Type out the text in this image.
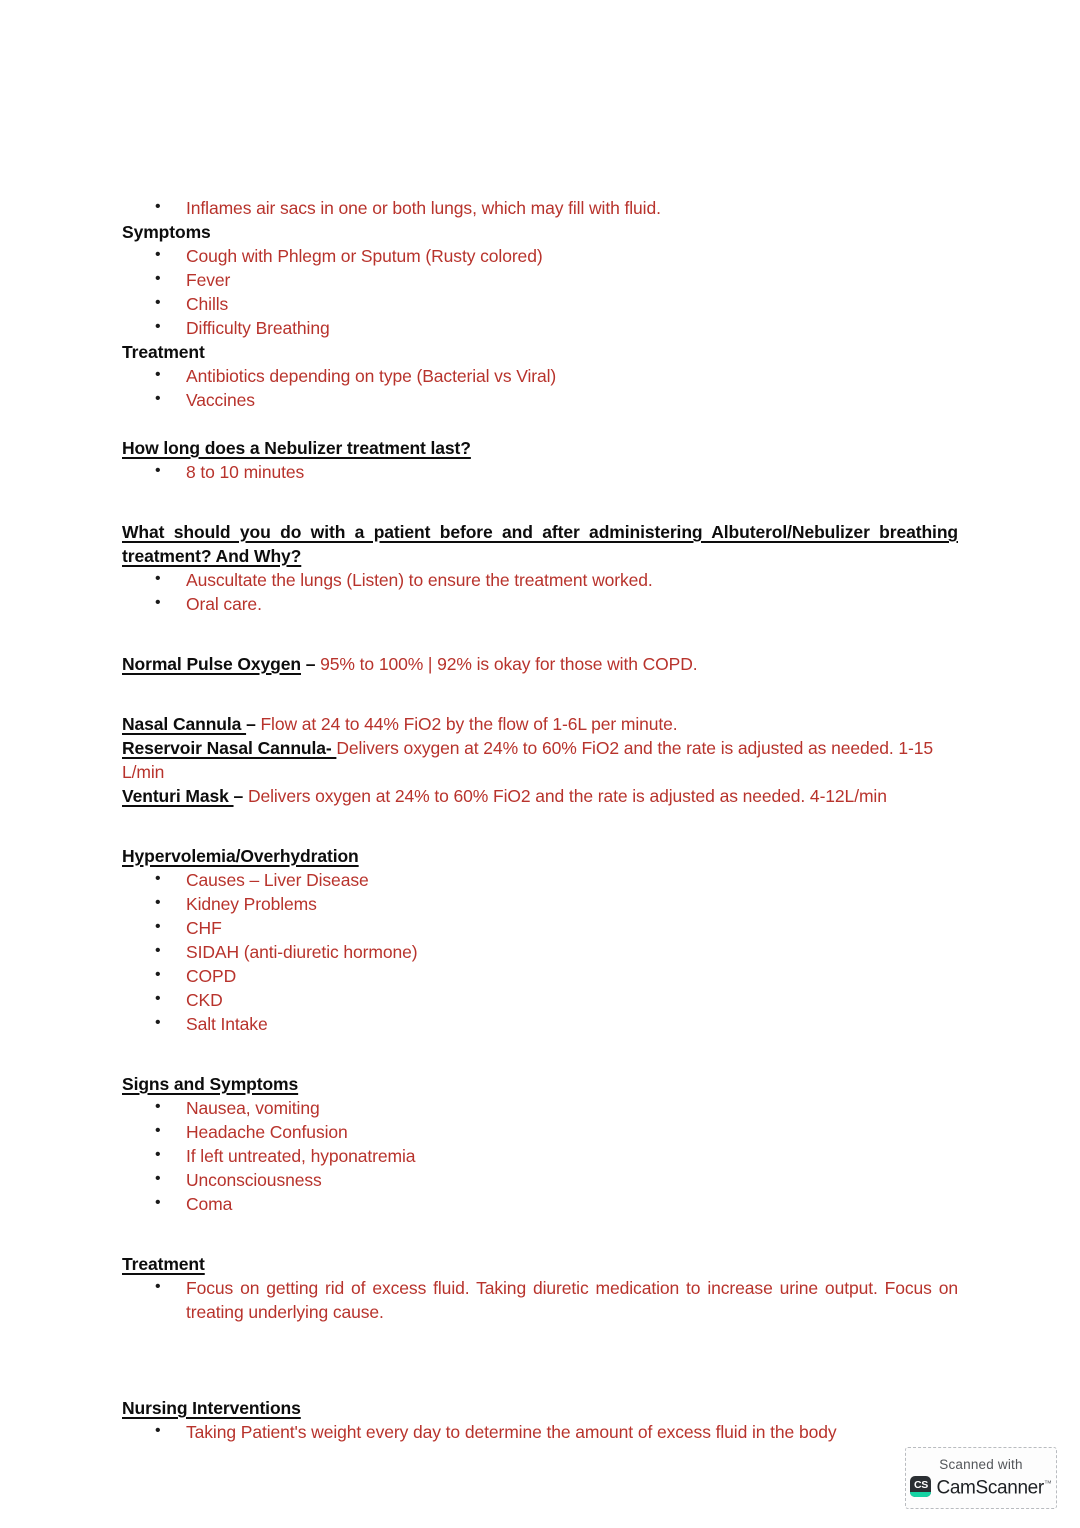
• Inflames air sacs in one or both lungs, which may fill with fluid.
Symptoms
• Cough with Phlegm or Sputum (Rusty colored)
• Fever
• Chills
• Difficulty Breathing
Treatment
• Antibiotics depending on type (Bacterial vs Viral)
• Vaccines
How long does a Nebulizer treatment last?
• 8 to 10 minutes
What should you do with a patient before and after administering Albuterol/Nebulizer breathing treatment? And Why?
• Auscultate the lungs (Listen) to ensure the treatment worked.
• Oral care.
Normal Pulse Oxygen – 95% to 100% | 92% is okay for those with COPD.
Nasal Cannula – Flow at 24 to 44% FiO2 by the flow of 1-6L per minute.
Reservoir Nasal Cannula- Delivers oxygen at 24% to 60% FiO2 and the rate is adjusted as needed. 1-15 L/min
Venturi Mask – Delivers oxygen at 24% to 60% FiO2 and the rate is adjusted as needed. 4-12L/min
Hypervolemia/Overhydration
• Causes – Liver Disease
• Kidney Problems
• CHF
• SIDAH (anti-diuretic hormone)
• COPD
• CKD
• Salt Intake
Signs and Symptoms
• Nausea, vomiting
• Headache Confusion
• If left untreated, hyponatremia
• Unconsciousness
• Coma
Treatment
• Focus on getting rid of excess fluid. Taking diuretic medication to increase urine output. Focus on treating underlying cause.
Nursing Interventions
• Taking Patient's weight every day to determine the amount of excess fluid in the body
Scanned with
CS CamScanner™
